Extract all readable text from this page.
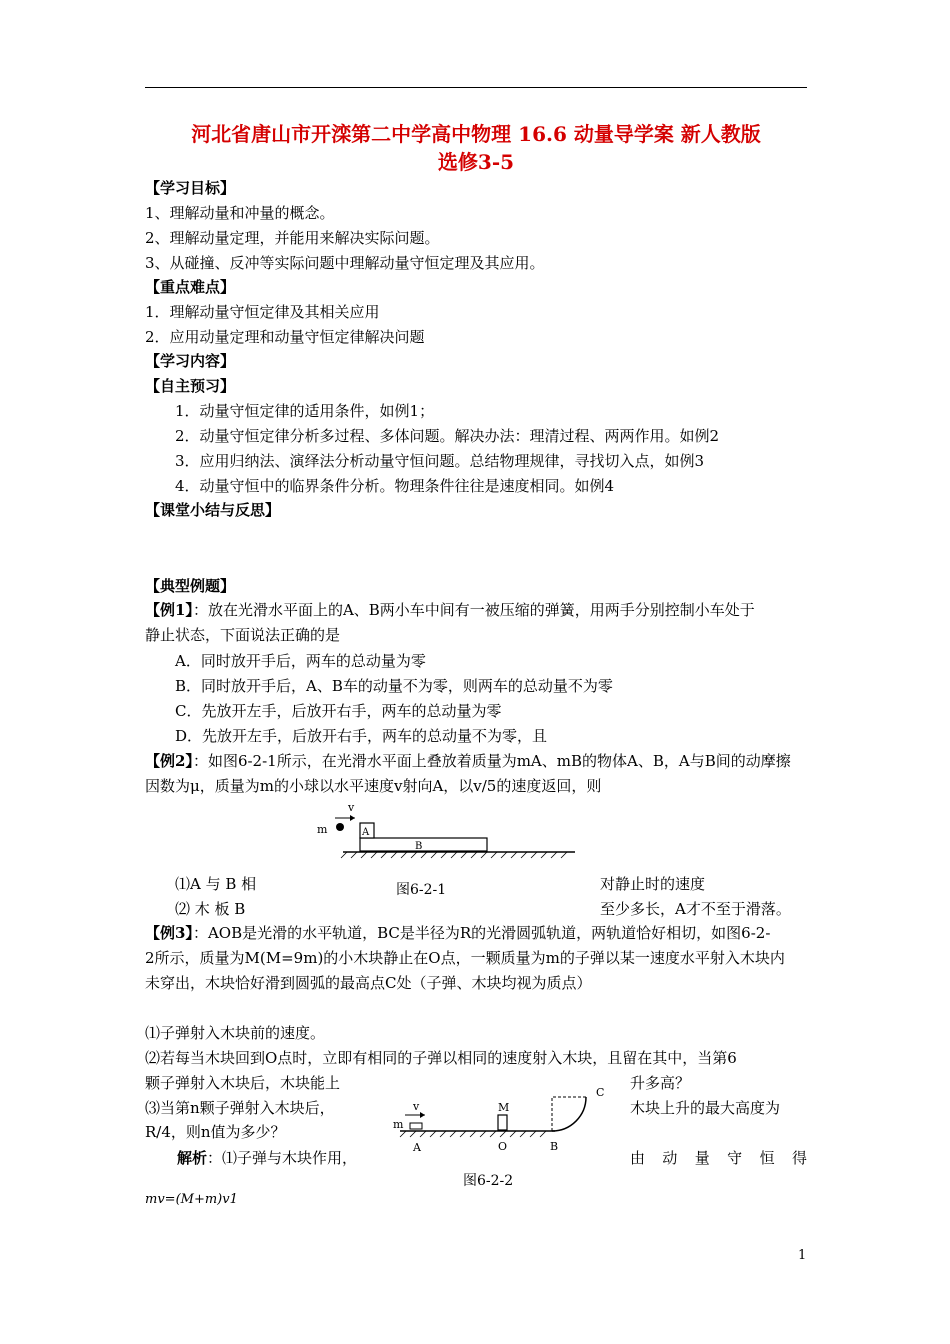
河北省唐山市开滦第二中学高中物理 16.6 动量导学案 新人教版
选修3-5
【学习目标】
1、理解动量和冲量的概念。
2、理解动量定理，并能用来解决实际问题。
3、从碰撞、反冲等实际问题中理解动量守恒定理及其应用。
【重点难点】
1．理解动量守恒定律及其相关应用
2．应用动量定理和动量守恒定律解决问题
【学习内容】
【自主预习】
1．动量守恒定律的适用条件，如例1；
2．动量守恒定律分析多过程、多体问题。解决办法：理清过程、两两作用。如例2
3．应用归纳法、演绎法分析动量守恒问题。总结物理规律，寻找切入点，如例3
4．动量守恒中的临界条件分析。物理条件往往是速度相同。如例4
【课堂小结与反思】
【典型例题】
【例1】：放在光滑水平面上的A、B两小车中间有一被压缩的弹簧，用两手分别控制小车处于
静止状态，下面说法正确的是
A．同时放开手后，两车的总动量为零
B．同时放开手后，A、B车的动量不为零，则两车的总动量不为零
C．先放开左手，后放开右手，两车的总动量为零
D．先放开左手，后放开右手，两车的总动量不为零，且
【例2】：如图6-2-1所示，在光滑水平面上叠放着质量为mA、mB的物体A、B，A与B间的动摩擦
因数为μ，质量为m的小球以水平速度v射向A，以v/5的速度返回，则
v
m	A
B
⑴A 与 B 相	图6-2-1	对静止时的速度
⑵ 木 板 B	至少多长，A才不至于滑落。
【例3】：AOB是光滑的水平轨道，BC是半径为R的光滑圆弧轨道，两轨道恰好相切，如图6-2-
2所示，质量为M(M=9m)的小木块静止在O点，一颗质量为m的子弹以某一速度水平射入木块内
未穿出，木块恰好滑到圆弧的最高点C处（子弹、木块均视为质点）
⑴子弹射入木块前的速度。
⑵若每当木块回到O点时，立即有相同的子弹以相同的速度射入木块，且留在其中，当第6
颗子弹射入木块后，木块能上	升多高？
⑶当第n颗子弹射入木块后，	木块上升的最大高度为
R/4，则n值为多少？
v
m
M
A	O	B
C
解析：⑴子弹与木块作用，	由 动 量 守 恒 得
图6-2-2
mv=(M+m)v1
1
